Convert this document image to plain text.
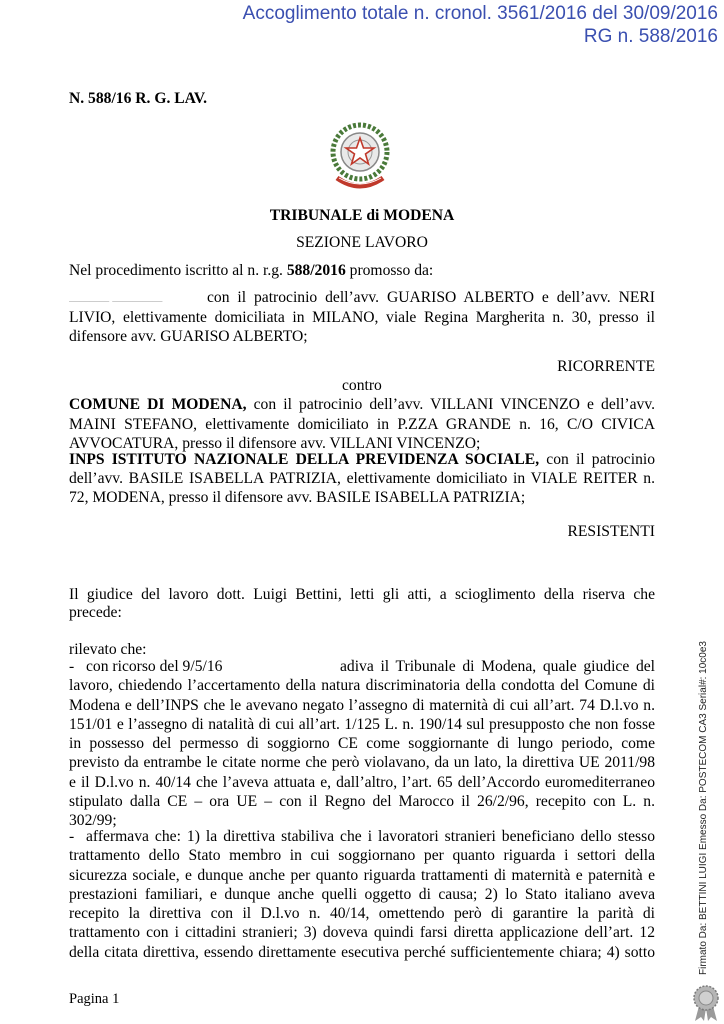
Accoglimento totale n. cronol. 3561/2016 del 30/09/2016
RG n. 588/2016
N. 588/16 R. G. LAV.
TRIBUNALE di MODENA
SEZIONE LAVORO
Nel procedimento iscritto al n. r.g. 588/2016 promosso da:
▁▁▁▁ ▁▁▁▁▁	con il patrocinio dell’avv. GUARISO ALBERTO e dell’avv. NERI
LIVIO, elettivamente domiciliata in MILANO, viale Regina Margherita n. 30, presso il
difensore avv. GUARISO ALBERTO;
RICORRENTE
contro
COMUNE DI MODENA, con il patrocinio dell’avv. VILLANI VINCENZO e dell’avv.
MAINI STEFANO, elettivamente domiciliato in P.ZZA GRANDE n. 16, C/O CIVICA
AVVOCATURA, presso il difensore avv. VILLANI VINCENZO;
INPS ISTITUTO NAZIONALE DELLA PREVIDENZA SOCIALE, con il patrocinio
dell’avv. BASILE ISABELLA PATRIZIA, elettivamente domiciliato in VIALE REITER n.
72, MODENA, presso il difensore avv. BASILE ISABELLA PATRIZIA;
RESISTENTI
Il giudice del lavoro dott. Luigi Bettini, letti gli atti, a scioglimento della riserva che
precede:
rilevato che:
- con ricorso del 9/5/16	adiva il Tribunale di Modena, quale giudice del
lavoro, chiedendo l’accertamento della natura discriminatoria della condotta del Comune di
Modena e dell’INPS che le avevano negato l’assegno di maternità di cui all’art. 74 D.l.vo n.
151/01 e l’assegno di natalità di cui all’art. 1/125 L. n. 190/14 sul presupposto che non fosse
in possesso del permesso di soggiorno CE come soggiornante di lungo periodo, come
previsto da entrambe le citate norme che però violavano, da un lato, la direttiva UE 2011/98
e il D.l.vo n. 40/14 che l’aveva attuata e, dall’altro, l’art. 65 dell’Accordo euromediterraneo
stipulato dalla CE – ora UE – con il Regno del Marocco il 26/2/96, recepito con L. n.
302/99;
- affermava che: 1) la direttiva stabiliva che i lavoratori stranieri beneficiano dello stesso
trattamento dello Stato membro in cui soggiornano per quanto riguarda i settori della
sicurezza sociale, e dunque anche per quanto riguarda trattamenti di maternità e paternità e
prestazioni familiari, e dunque anche quelli oggetto di causa; 2) lo Stato italiano aveva
recepito la direttiva con il D.l.vo n. 40/14, omettendo però di garantire la parità di
trattamento con i cittadini stranieri; 3) doveva quindi farsi diretta applicazione dell’art. 12
della citata direttiva, essendo direttamente esecutiva perché sufficientemente chiara; 4) sotto
Pagina 1
Firmato Da: BETTINI LUIGI Emesso Da: POSTECOM CA3 Serial#: 10c0e3
